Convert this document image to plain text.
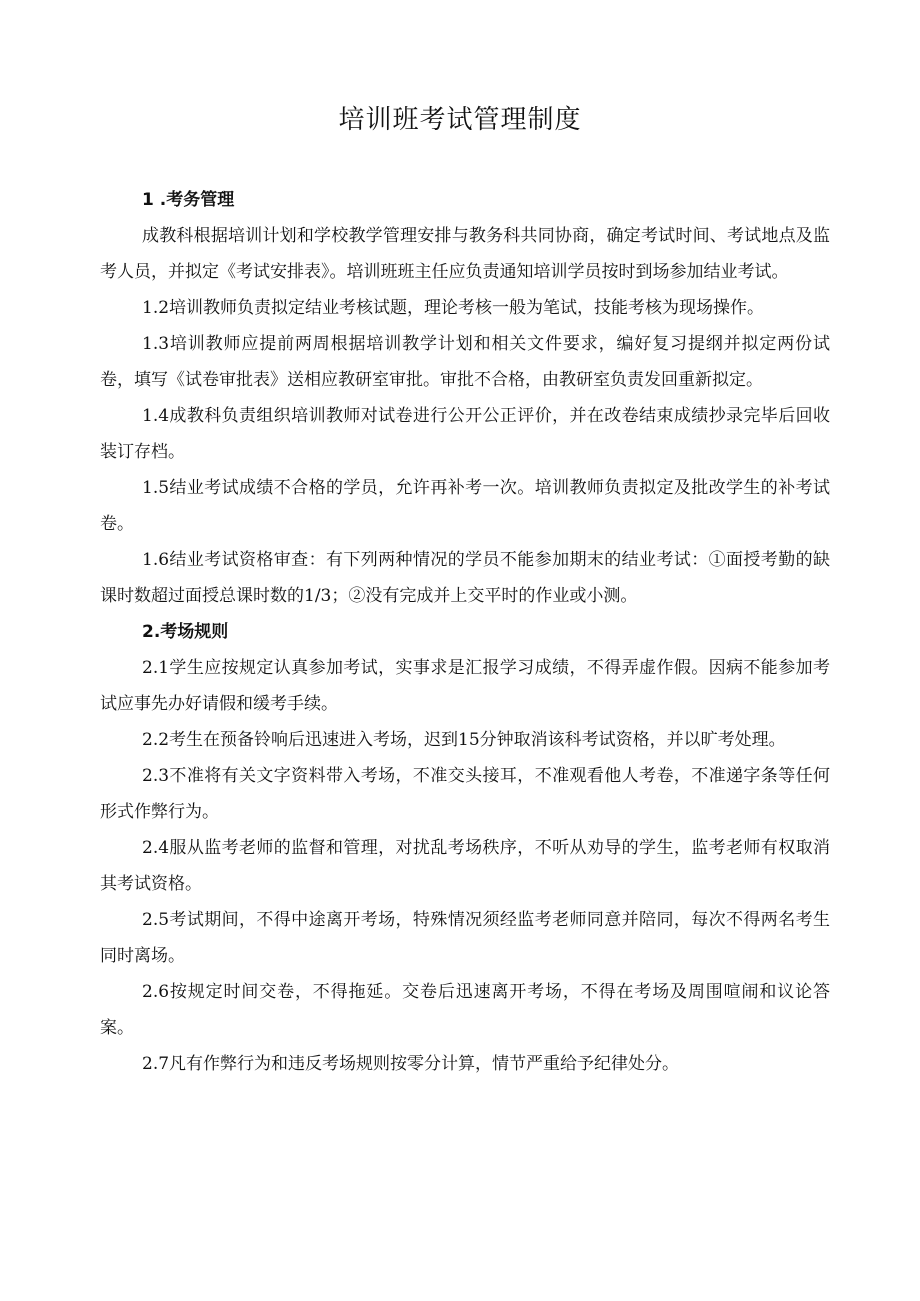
培训班考试管理制度

1 .考务管理

成教科根据培训计划和学校教学管理安排与教务科共同协商，确定考试时间、考试地点及监考人员，并拟定《考试安排表》。培训班班主任应负责通知培训学员按时到场参加结业考试。

1.2培训教师负责拟定结业考核试题，理论考核一般为笔试，技能考核为现场操作。

1.3培训教师应提前两周根据培训教学计划和相关文件要求，编好复习提纲并拟定两份试卷，填写《试卷审批表》送相应教研室审批。审批不合格，由教研室负责发回重新拟定。

1.4成教科负责组织培训教师对试卷进行公开公正评价，并在改卷结束成绩抄录完毕后回收装订存档。

1.5结业考试成绩不合格的学员，允许再补考一次。培训教师负责拟定及批改学生的补考试卷。

1.6结业考试资格审查：有下列两种情况的学员不能参加期末的结业考试：①面授考勤的缺课时数超过面授总课时数的1/3；②没有完成并上交平时的作业或小测。

2.考场规则

2.1学生应按规定认真参加考试，实事求是汇报学习成绩，不得弄虚作假。因病不能参加考试应事先办好请假和缓考手续。

2.2考生在预备铃响后迅速进入考场，迟到15分钟取消该科考试资格，并以旷考处理。

2.3不准将有关文字资料带入考场，不准交头接耳，不准观看他人考卷，不准递字条等任何形式作弊行为。

2.4服从监考老师的监督和管理，对扰乱考场秩序，不听从劝导的学生，监考老师有权取消其考试资格。

2.5考试期间，不得中途离开考场，特殊情况须经监考老师同意并陪同，每次不得两名考生同时离场。

2.6按规定时间交卷，不得拖延。交卷后迅速离开考场，不得在考场及周围喧闹和议论答案。

2.7凡有作弊行为和违反考场规则按零分计算，情节严重给予纪律处分。
